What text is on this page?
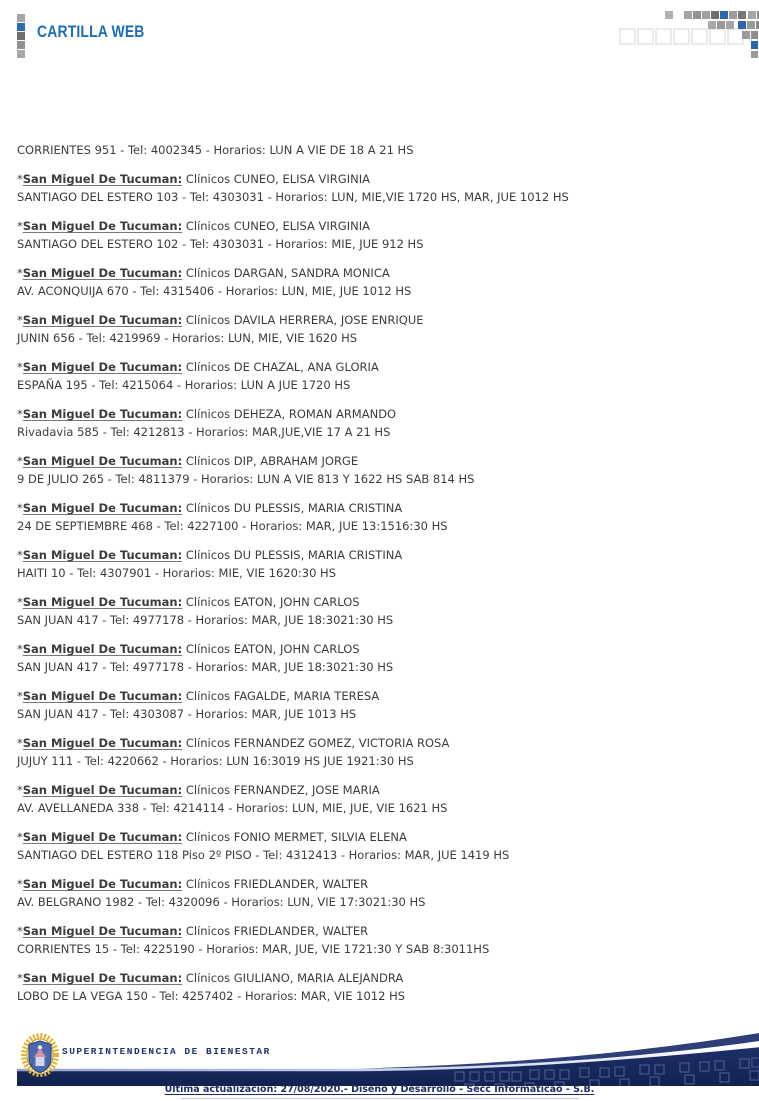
CARTILLA WEB

CORRIENTES 951 - Tel: 4002345 - Horarios: LUN A VIE DE 18 A 21 HS

*San Miguel De Tucuman: Clínicos CUNEO, ELISA VIRGINIA
SANTIAGO DEL ESTERO 103 - Tel: 4303031 - Horarios: LUN, MIE,VIE 1720 HS, MAR, JUE 1012 HS
*San Miguel De Tucuman: Clínicos CUNEO, ELISA VIRGINIA
SANTIAGO DEL ESTERO 102 - Tel: 4303031 - Horarios: MIE, JUE 912 HS
*San Miguel De Tucuman: Clínicos DARGAN, SANDRA MONICA
AV. ACONQUIJA 670 - Tel: 4315406 - Horarios: LUN, MIE, JUE 1012 HS
*San Miguel De Tucuman: Clínicos DAVILA HERRERA, JOSE ENRIQUE
JUNIN 656 - Tel: 4219969 - Horarios: LUN, MIE, VIE 1620 HS
*San Miguel De Tucuman: Clínicos DE CHAZAL, ANA GLORIA
ESPAÑA 195 - Tel: 4215064 - Horarios: LUN A JUE 1720 HS
*San Miguel De Tucuman: Clínicos DEHEZA, ROMAN ARMANDO
Rivadavia 585 - Tel: 4212813 - Horarios: MAR,JUE,VIE 17 A 21 HS
*San Miguel De Tucuman: Clínicos DIP, ABRAHAM JORGE
9 DE JULIO 265 - Tel: 4811379 - Horarios: LUN A VIE 813 Y 1622 HS SAB 814 HS
*San Miguel De Tucuman: Clínicos DU PLESSIS, MARIA CRISTINA
24 DE SEPTIEMBRE 468 - Tel: 4227100 - Horarios: MAR, JUE 13:1516:30 HS
*San Miguel De Tucuman: Clínicos DU PLESSIS, MARIA CRISTINA
HAITI 10 - Tel: 4307901 - Horarios: MIE, VIE 1620:30 HS
*San Miguel De Tucuman: Clínicos EATON, JOHN CARLOS
SAN JUAN 417 - Tel: 4977178 - Horarios: MAR, JUE 18:3021:30 HS
*San Miguel De Tucuman: Clínicos EATON, JOHN CARLOS
SAN JUAN 417 - Tel: 4977178 - Horarios: MAR, JUE 18:3021:30 HS
*San Miguel De Tucuman: Clínicos FAGALDE, MARIA TERESA
SAN JUAN 417 - Tel: 4303087 - Horarios: MAR, JUE 1013 HS
*San Miguel De Tucuman: Clínicos FERNANDEZ GOMEZ, VICTORIA ROSA
JUJUY 111 - Tel: 4220662 - Horarios: LUN 16:3019 HS JUE 1921:30 HS
*San Miguel De Tucuman: Clínicos FERNANDEZ, JOSE MARIA
AV. AVELLANEDA 338 - Tel: 4214114 - Horarios: LUN, MIE, JUE, VIE 1621 HS
*San Miguel De Tucuman: Clínicos FONIO MERMET, SILVIA ELENA
SANTIAGO DEL ESTERO 118 Piso 2º PISO - Tel: 4312413 - Horarios: MAR, JUE 1419 HS
*San Miguel De Tucuman: Clínicos FRIEDLANDER, WALTER
AV. BELGRANO 1982 - Tel: 4320096 - Horarios: LUN, VIE 17:3021:30 HS
*San Miguel De Tucuman: Clínicos FRIEDLANDER, WALTER
CORRIENTES 15 - Tel: 4225190 - Horarios: MAR, JUE, VIE 1721:30 Y SAB 8:3011HS
*San Miguel De Tucuman: Clínicos GIULIANO, MARIA ALEJANDRA
LOBO DE LA VEGA 150 - Tel: 4257402 - Horarios: MAR, VIE 1012 HS
SUPERINTENDENCIA DE BIENESTAR
Última actualización: 27/08/2020.- Diseño y Desarrollo - Secc Informáticao - S.B.
